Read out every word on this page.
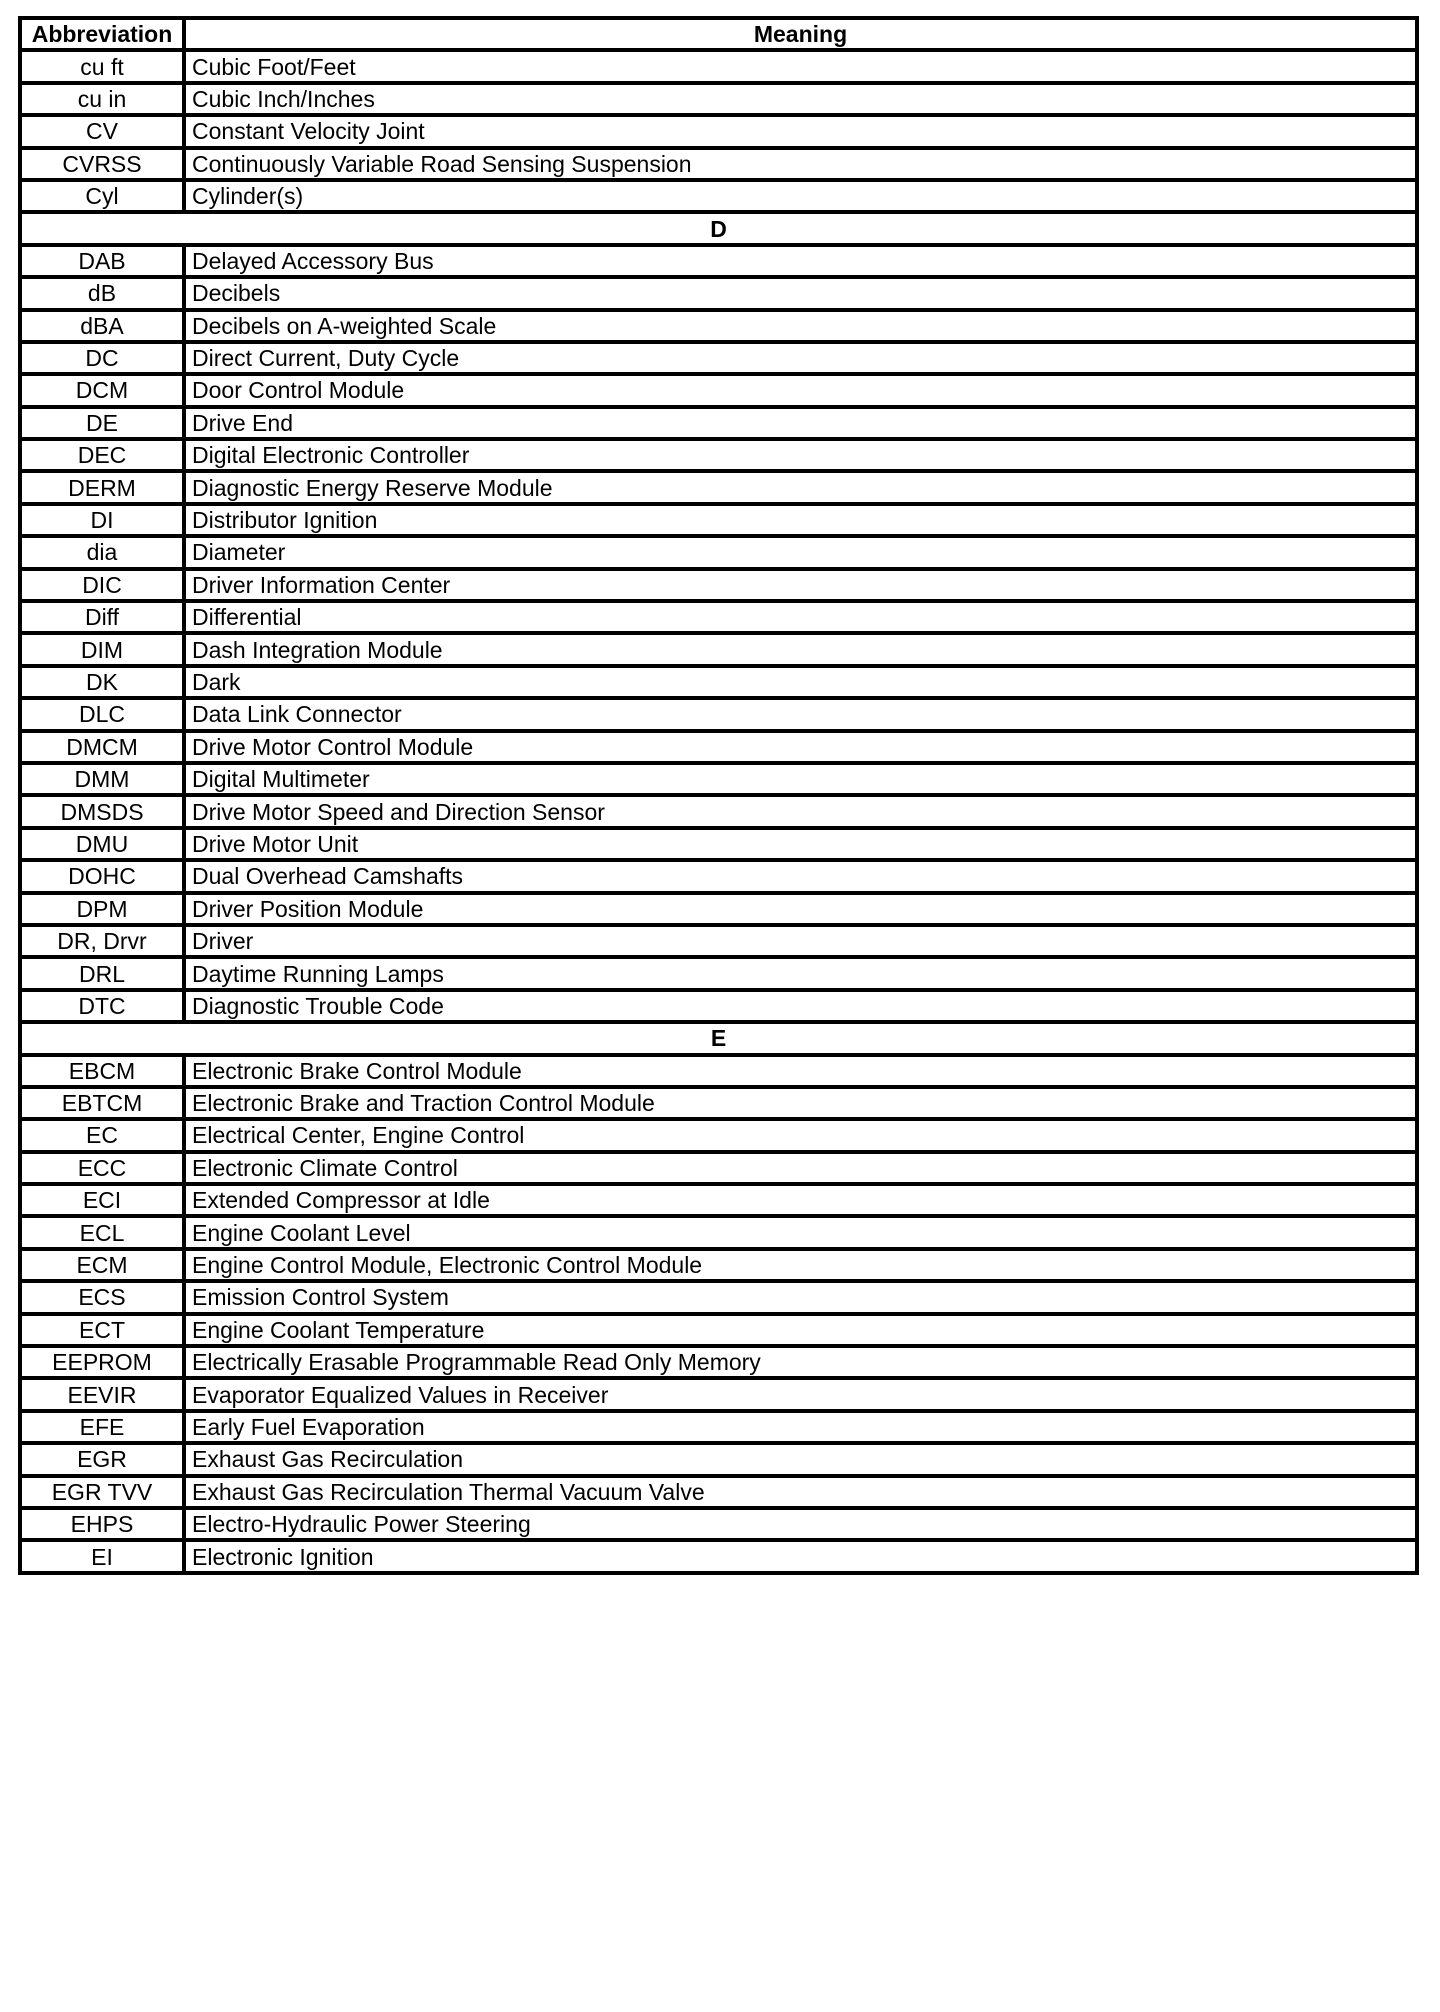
Abbreviation	Meaning
cu ft	Cubic Foot/Feet
cu in	Cubic Inch/Inches
CV	Constant Velocity Joint
CVRSS	Continuously Variable Road Sensing Suspension
Cyl	Cylinder(s)
D	
DAB	Delayed Accessory Bus
dB	Decibels
dBA	Decibels on A-weighted Scale
DC	Direct Current, Duty Cycle
DCM	Door Control Module
DE	Drive End
DEC	Digital Electronic Controller
DERM	Diagnostic Energy Reserve Module
DI	Distributor Ignition
dia	Diameter
DIC	Driver Information Center
Diff	Differential
DIM	Dash Integration Module
DK	Dark
DLC	Data Link Connector
DMCM	Drive Motor Control Module
DMM	Digital Multimeter
DMSDS	Drive Motor Speed and Direction Sensor
DMU	Drive Motor Unit
DOHC	Dual Overhead Camshafts
DPM	Driver Position Module
DR, Drvr	Driver
DRL	Daytime Running Lamps
DTC	Diagnostic Trouble Code
E	
EBCM	Electronic Brake Control Module
EBTCM	Electronic Brake and Traction Control Module
EC	Electrical Center, Engine Control
ECC	Electronic Climate Control
ECI	Extended Compressor at Idle
ECL	Engine Coolant Level
ECM	Engine Control Module, Electronic Control Module
ECS	Emission Control System
ECT	Engine Coolant Temperature
EEPROM	Electrically Erasable Programmable Read Only Memory
EEVIR	Evaporator Equalized Values in Receiver
EFE	Early Fuel Evaporation
EGR	Exhaust Gas Recirculation
EGR TVV	Exhaust Gas Recirculation Thermal Vacuum Valve
EHPS	Electro-Hydraulic Power Steering
EI	Electronic Ignition
